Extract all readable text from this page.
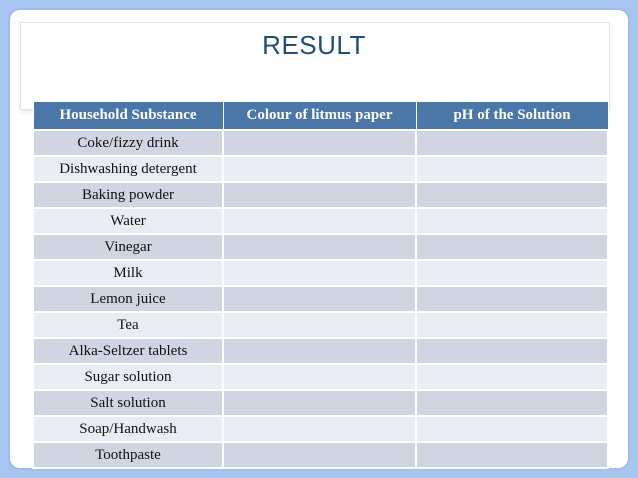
RESULT
Household Substance	Colour of litmus paper	pH of the Solution
Coke/fizzy drink		
Dishwashing detergent		
Baking powder		
Water		
Vinegar		
Milk		
Lemon juice		
Tea		
Alka-Seltzer tablets		
Sugar solution		
Salt solution		
Soap/Handwash		
Toothpaste		
